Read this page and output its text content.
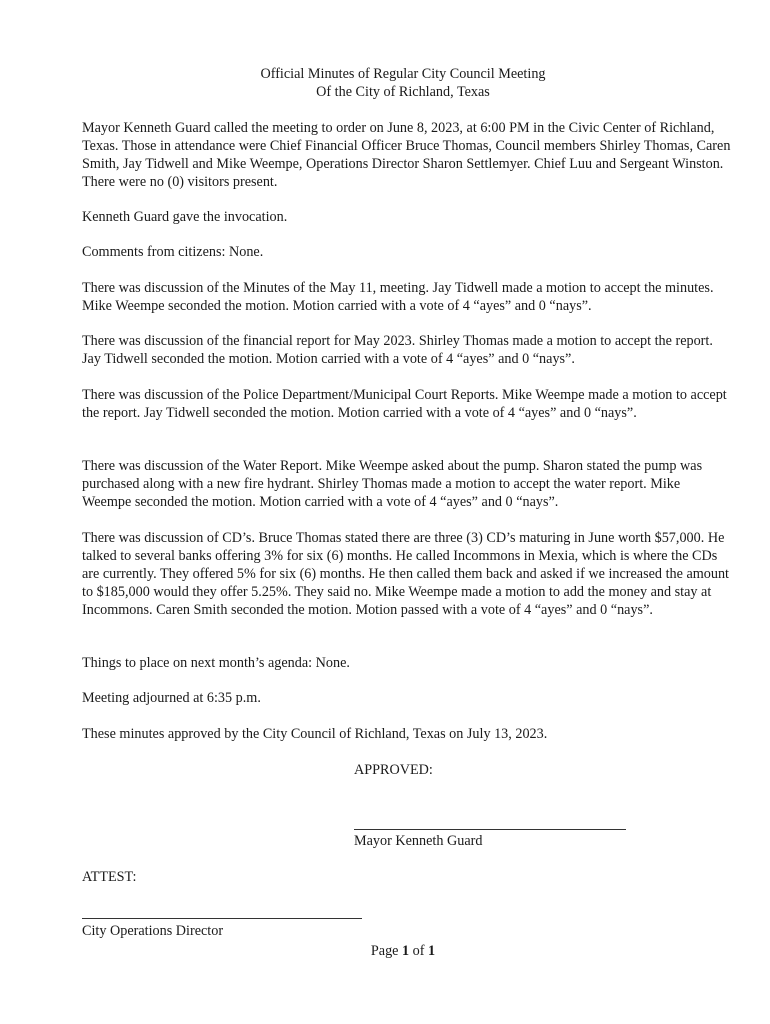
Official Minutes of Regular City Council Meeting
Of the City of Richland, Texas

Mayor Kenneth Guard called the meeting to order on June 8, 2023, at 6:00 PM in the Civic Center of Richland, Texas. Those in attendance were Chief Financial Officer Bruce Thomas, Council members Shirley Thomas, Caren Smith, Jay Tidwell and Mike Weempe, Operations Director Sharon Settlemyer. Chief Luu and Sergeant Winston. There were no (0) visitors present.

Kenneth Guard gave the invocation.

Comments from citizens: None.

There was discussion of the Minutes of the May 11, meeting. Jay Tidwell made a motion to accept the minutes. Mike Weempe seconded the motion. Motion carried with a vote of 4 “ayes” and 0 “nays”.

There was discussion of the financial report for May 2023. Shirley Thomas made a motion to accept the report. Jay Tidwell seconded the motion. Motion carried with a vote of 4 “ayes” and 0 “nays”.

There was discussion of the Police Department/Municipal Court Reports. Mike Weempe made a motion to accept the report. Jay Tidwell seconded the motion. Motion carried with a vote of 4 “ayes” and 0 “nays”.

There was discussion of the Water Report. Mike Weempe asked about the pump. Sharon stated the pump was purchased along with a new fire hydrant. Shirley Thomas made a motion to accept the water report. Mike Weempe seconded the motion. Motion carried with a vote of 4 “ayes” and 0 “nays”.

There was discussion of CD’s. Bruce Thomas stated there are three (3) CD’s maturing in June worth $57,000. He talked to several banks offering 3% for six (6) months. He called Incommons in Mexia, which is where the CDs are currently. They offered 5% for six (6) months. He then called them back and asked if we increased the amount to $185,000 would they offer 5.25%. They said no. Mike Weempe made a motion to add the money and stay at Incommons. Caren Smith seconded the motion. Motion passed with a vote of 4 “ayes” and 0 “nays”.

Things to place on next month’s agenda: None.

Meeting adjourned at 6:35 p.m.

These minutes approved by the City Council of Richland, Texas on July 13, 2023.

APPROVED:
Mayor Kenneth Guard
ATTEST:
City Operations Director
Page 1 of 1
